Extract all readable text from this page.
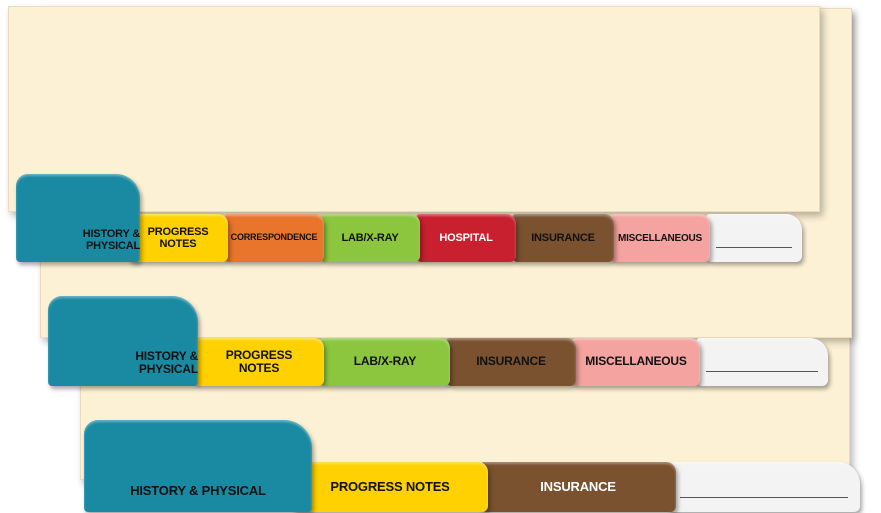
INSURANCE
PROGRESS NOTES
HISTORY & PHYSICAL
MISCELLANEOUS
INSURANCE
LAB/X-RAY
PROGRESS
NOTES
HISTORY &
PHYSICAL
MISCELLANEOUS
INSURANCE
HOSPITAL
LAB/X-RAY
CORRESPONDENCE
PROGRESS
NOTES
HISTORY &
PHYSICAL
